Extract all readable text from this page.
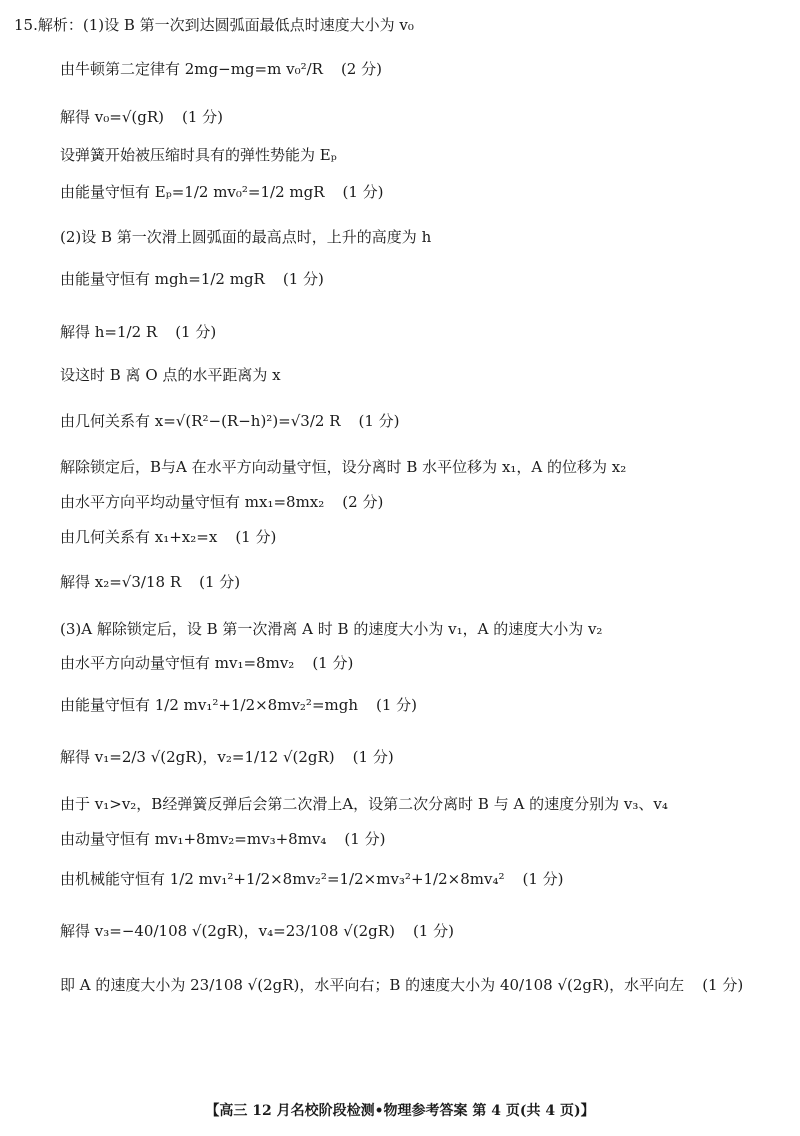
15.解析：(1)设 B 第一次到达圆弧面最低点时速度大小为 v₀
由牛顿第二定律有 2mg−mg=m v₀²/R (2 分)
解得 v₀=√(gR) (1 分)
设弹簧开始被压缩时具有的弹性势能为 Eₚ
由能量守恒有 Eₚ=1/2 mv₀²=1/2 mgR (1 分)
(2)设 B 第一次滑上圆弧面的最高点时，上升的高度为 h
由能量守恒有 mgh=1/2 mgR (1 分)
解得 h=1/2 R (1 分)
设这时 B 离 O 点的水平距离为 x
由几何关系有 x=√(R²−(R−h)²)=√3/2 R (1 分)
解除锁定后，B与A 在水平方向动量守恒，设分离时 B 水平位移为 x₁，A 的位移为 x₂
由水平方向平均动量守恒有 mx₁=8mx₂ (2 分)
由几何关系有 x₁+x₂=x (1 分)
解得 x₂=√3/18 R (1 分)
(3)A 解除锁定后，设 B 第一次滑离 A 时 B 的速度大小为 v₁，A 的速度大小为 v₂
由水平方向动量守恒有 mv₁=8mv₂ (1 分)
由能量守恒有 1/2 mv₁²+1/2×8mv₂²=mgh (1 分)
解得 v₁=2/3 √(2gR)，v₂=1/12 √(2gR) (1 分)
由于 v₁>v₂，B经弹簧反弹后会第二次滑上A，设第二次分离时 B 与 A 的速度分别为 v₃、v₄
由动量守恒有 mv₁+8mv₂=mv₃+8mv₄ (1 分)
由机械能守恒有 1/2 mv₁²+1/2×8mv₂²=1/2×mv₃²+1/2×8mv₄² (1 分)
解得 v₃=−40/108 √(2gR)，v₄=23/108 √(2gR) (1 分)
即 A 的速度大小为 23/108 √(2gR)，水平向右；B 的速度大小为 40/108 √(2gR)，水平向左 (1 分)
【高三 12 月名校阶段检测•物理参考答案 第 4 页(共 4 页)】
